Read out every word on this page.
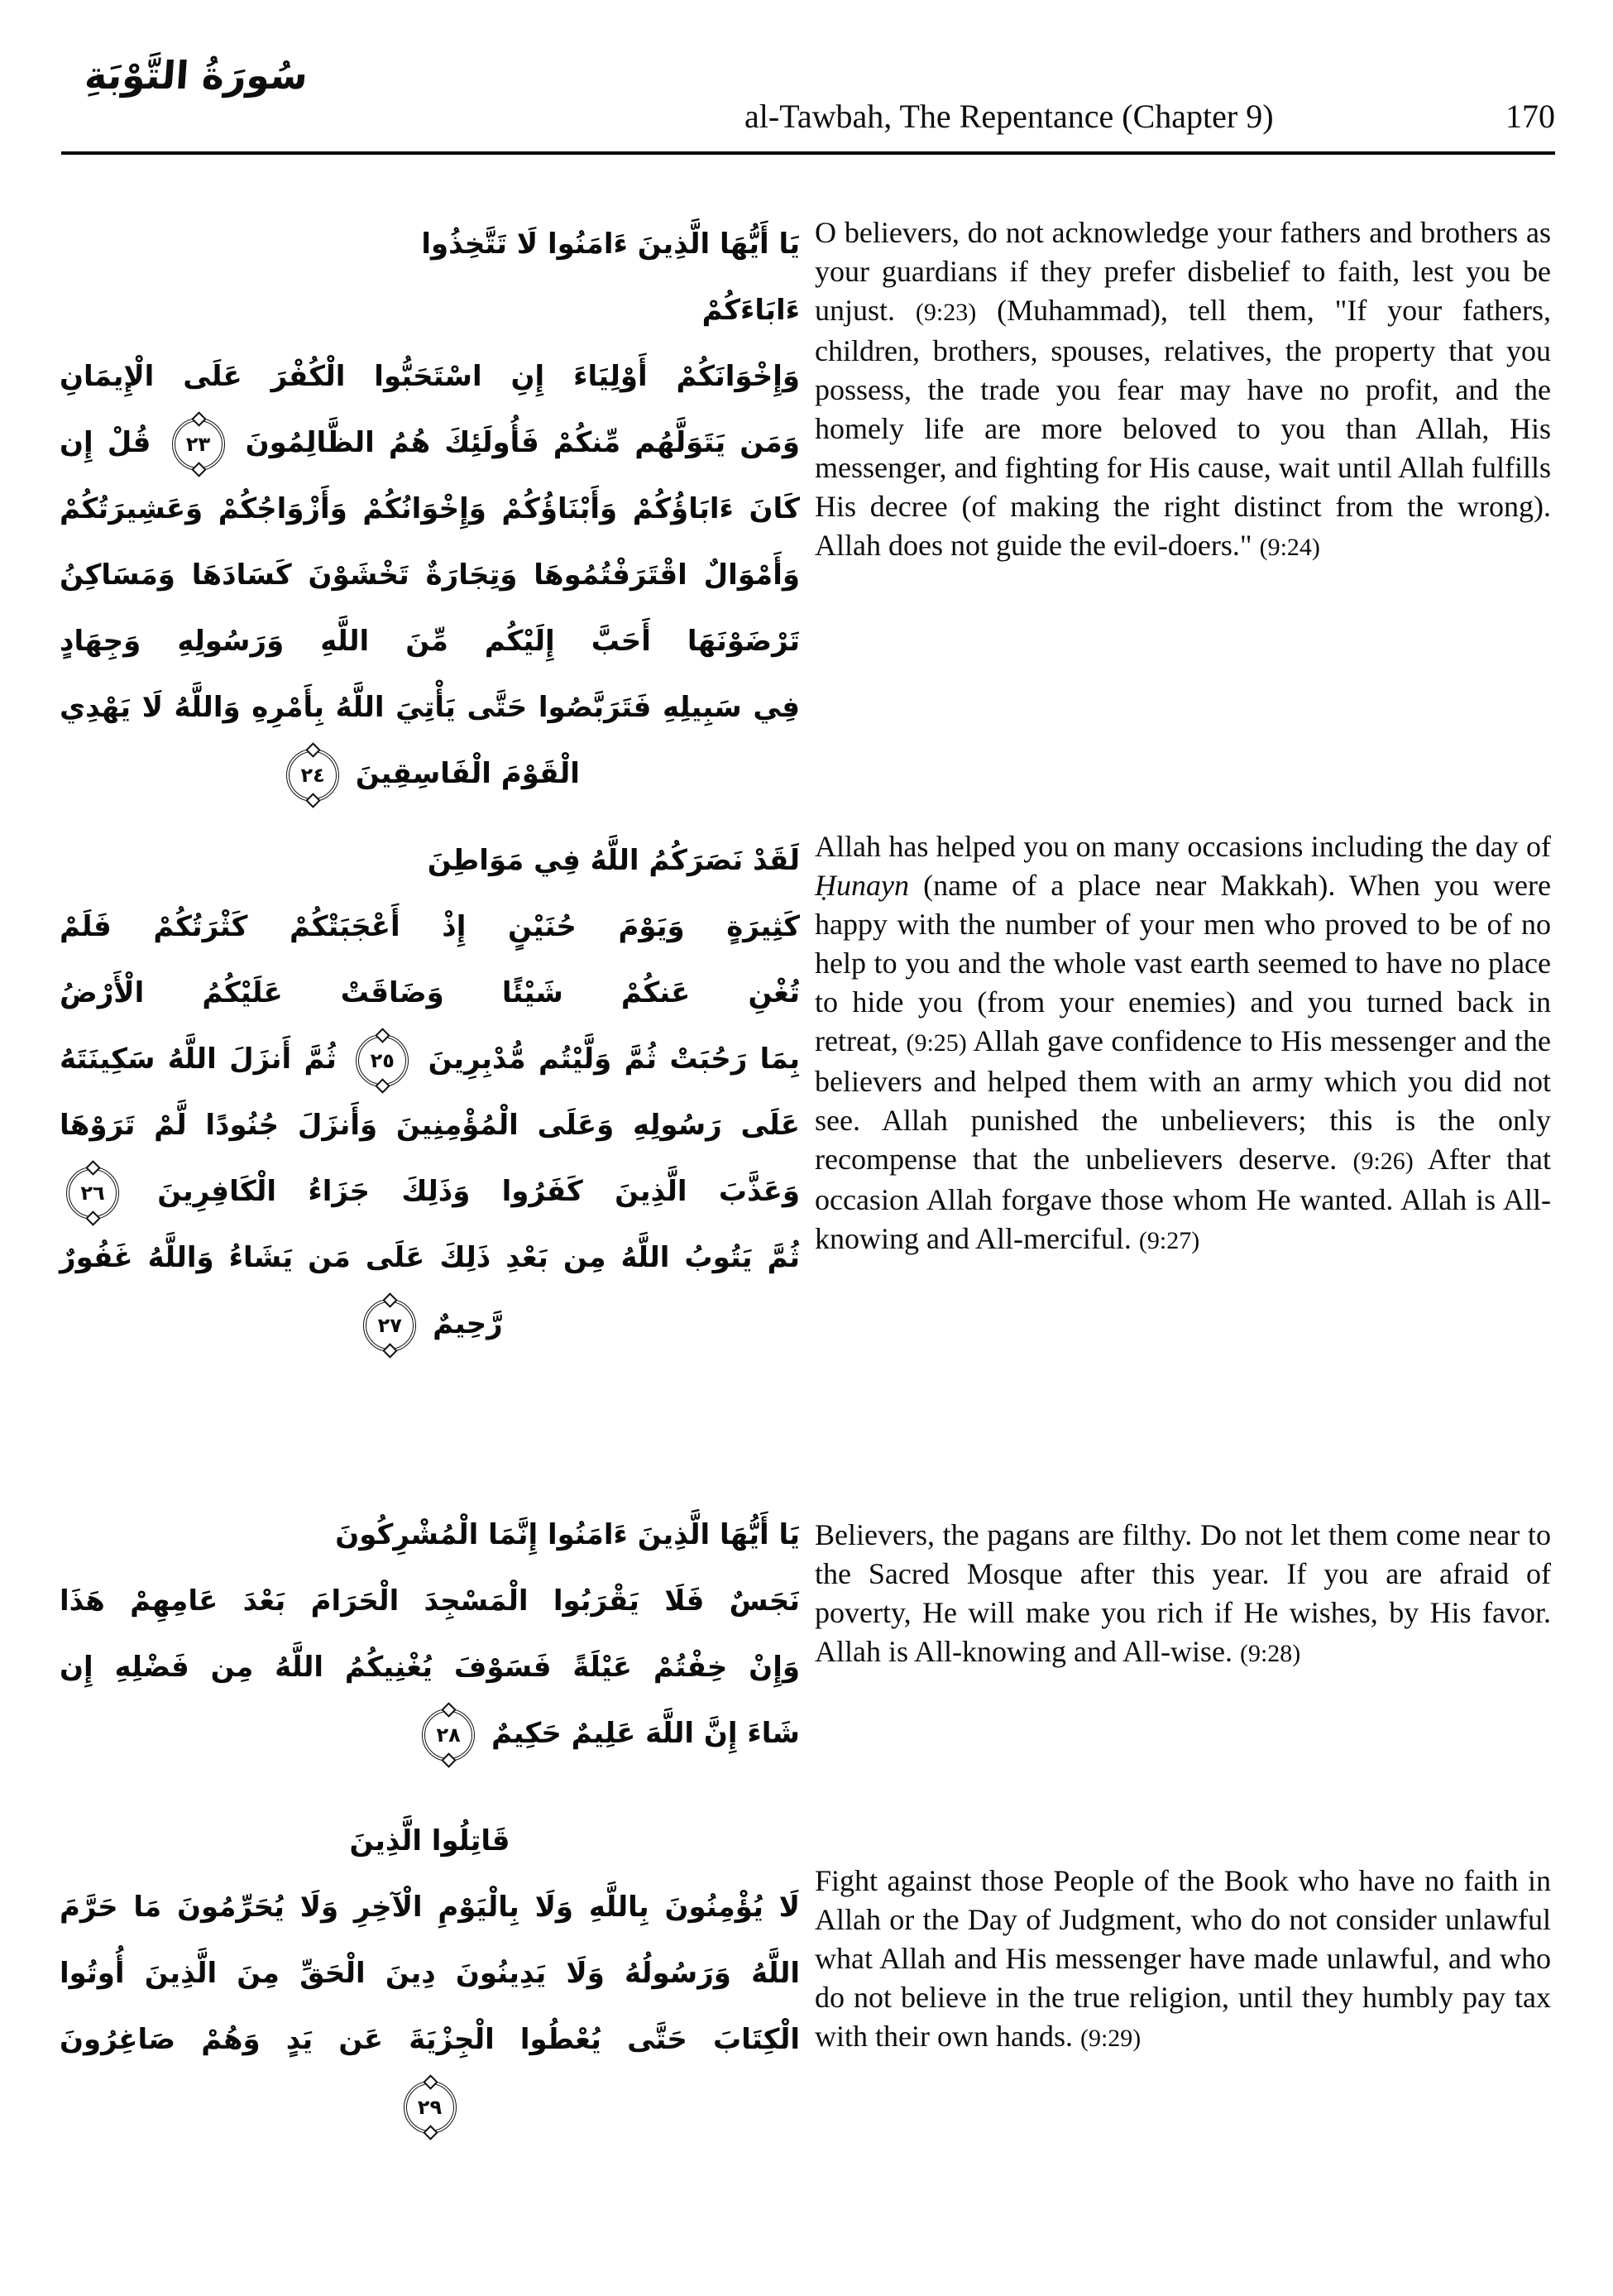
سُورَةُ التَّوْبَةِ
al-Tawbah, The Repentance (Chapter 9)	170
يَا أَيُّهَا الَّذِينَ ءَامَنُوا لَا تَتَّخِذُوا ءَابَاءَكُمْ
وَإِخْوَانَكُمْ أَوْلِيَاءَ إِنِ اسْتَحَبُّوا الْكُفْرَ عَلَى الْإِيمَانِ
وَمَن يَتَوَلَّهُم مِّنكُمْ فَأُولَئِكَ هُمُ الظَّالِمُونَ
٢٣
قُلْ إِن
كَانَ ءَابَاؤُكُمْ وَأَبْنَاؤُكُمْ وَإِخْوَانُكُمْ وَأَزْوَاجُكُمْ وَعَشِيرَتُكُمْ
وَأَمْوَالٌ اقْتَرَفْتُمُوهَا وَتِجَارَةٌ تَخْشَوْنَ كَسَادَهَا وَمَسَاكِنُ
تَرْضَوْنَهَا أَحَبَّ إِلَيْكُم مِّنَ اللَّهِ وَرَسُولِهِ وَجِهَادٍ
فِي سَبِيلِهِ فَتَرَبَّصُوا حَتَّى يَأْتِيَ اللَّهُ بِأَمْرِهِ وَاللَّهُ لَا يَهْدِي
الْقَوْمَ الْفَاسِقِينَ
٢٤
لَقَدْ نَصَرَكُمُ اللَّهُ فِي مَوَاطِنَ
كَثِيرَةٍ وَيَوْمَ حُنَيْنٍ إِذْ أَعْجَبَتْكُمْ كَثْرَتُكُمْ فَلَمْ
تُغْنِ عَنكُمْ شَيْئًا وَضَاقَتْ عَلَيْكُمُ الْأَرْضُ
بِمَا رَحُبَتْ ثُمَّ وَلَّيْتُم مُّدْبِرِينَ
٢٥
ثُمَّ أَنزَلَ اللَّهُ سَكِينَتَهُ
عَلَى رَسُولِهِ وَعَلَى الْمُؤْمِنِينَ وَأَنزَلَ جُنُودًا لَّمْ تَرَوْهَا
وَعَذَّبَ الَّذِينَ كَفَرُوا وَذَلِكَ جَزَاءُ الْكَافِرِينَ
٢٦
ثُمَّ يَتُوبُ اللَّهُ مِن بَعْدِ ذَلِكَ عَلَى مَن يَشَاءُ وَاللَّهُ غَفُورٌ
رَّحِيمٌ
٢٧
يَا أَيُّهَا الَّذِينَ ءَامَنُوا إِنَّمَا الْمُشْرِكُونَ
نَجَسٌ فَلَا يَقْرَبُوا الْمَسْجِدَ الْحَرَامَ بَعْدَ عَامِهِمْ هَذَا
وَإِنْ خِفْتُمْ عَيْلَةً فَسَوْفَ يُغْنِيكُمُ اللَّهُ مِن فَضْلِهِ إِن
شَاءَ إِنَّ اللَّهَ عَلِيمٌ حَكِيمٌ
٢٨
قَاتِلُوا الَّذِينَ
لَا يُؤْمِنُونَ بِاللَّهِ وَلَا بِالْيَوْمِ الْآخِرِ وَلَا يُحَرِّمُونَ مَا حَرَّمَ
اللَّهُ وَرَسُولُهُ وَلَا يَدِينُونَ دِينَ الْحَقِّ مِنَ الَّذِينَ أُوتُوا
الْكِتَابَ حَتَّى يُعْطُوا الْجِزْيَةَ عَن يَدٍ وَهُمْ صَاغِرُونَ
٢٩
O believers, do not acknowledge your fathers and brothers as your guardians if they prefer disbelief to faith, lest you be unjust. (9:23) (Muhammad), tell them, "If your fathers, children, brothers, spouses, relatives, the property that you possess, the trade you fear may have no profit, and the homely life are more beloved to you than Allah, His messenger, and fighting for His cause, wait until Allah fulfills His decree (of making the right distinct from the wrong). Allah does not guide the evil-doers." (9:24)
Allah has helped you on many occasions including the day of Ḥunayn (name of a place near Makkah). When you were happy with the number of your men who proved to be of no help to you and the whole vast earth seemed to have no place to hide you (from your enemies) and you turned back in retreat, (9:25) Allah gave confidence to His messenger and the believers and helped them with an army which you did not see. Allah punished the unbelievers; this is the only recompense that the unbelievers deserve. (9:26) After that occasion Allah forgave those whom He wanted. Allah is All-knowing and All-merciful. (9:27)
Believers, the pagans are filthy. Do not let them come near to the Sacred Mosque after this year. If you are afraid of poverty, He will make you rich if He wishes, by His favor. Allah is All-knowing and All-wise. (9:28)
Fight against those People of the Book who have no faith in Allah or the Day of Judgment, who do not consider unlawful what Allah and His messenger have made unlawful, and who do not believe in the true religion, until they humbly pay tax with their own hands. (9:29)
